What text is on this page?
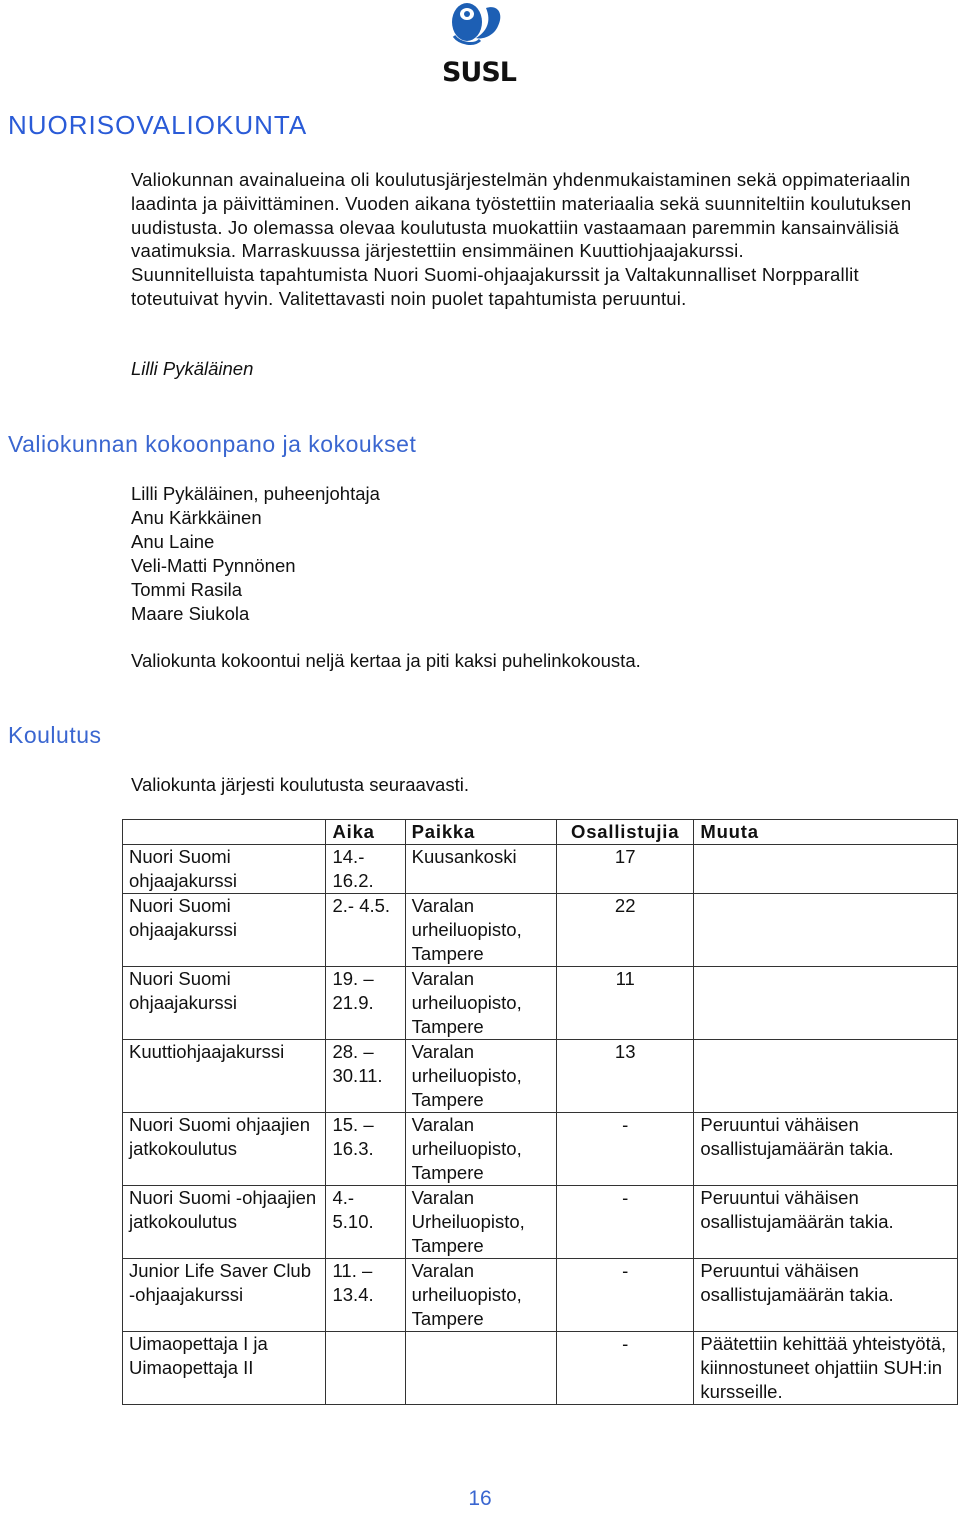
SUSL
NUORISOVALIOKUNTA

Valiokunnan avainalueina oli koulutusjärjestelmän yhdenmukaistaminen sekä oppimateriaalin laadinta ja päivittäminen. Vuoden aikana työstettiin materiaalia sekä suunniteltiin koulutuksen uudistusta. Jo olemassa olevaa koulutusta muokattiin vastaamaan paremmin kansainvälisiä vaatimuksia. Marraskuussa järjestettiin ensimmäinen Kuuttiohjaajakurssi.

Suunnitelluista tapahtumista Nuori Suomi-ohjaajakurssit ja Valtakunnalliset Norpparallit toteutuivat hyvin. Valitettavasti noin puolet tapahtumista peruuntui.

Lilli Pykäläinen
Valiokunnan kokoonpano ja kokoukset
Lilli Pykäläinen, puheenjohtaja
Anu Kärkkäinen
Anu Laine
Veli-Matti Pynnönen
Tommi Rasila
Maare Siukola
Valiokunta kokoontui neljä kertaa ja piti kaksi puhelinkokousta.
Koulutus
Valiokunta järjesti koulutusta seuraavasti.
	Aika	Paikka	Osallistujia	Muuta
Nuori Suomi ohjaajakurssi	14.- 16.2.	Kuusankoski	17	
Nuori Suomi ohjaajakurssi	2.- 4.5.	Varalan urheiluopisto, Tampere	22	
Nuori Suomi ohjaajakurssi	19. – 21.9.	Varalan urheiluopisto, Tampere	11	
Kuuttiohjaajakurssi	28. – 30.11.	Varalan urheiluopisto, Tampere	13	
Nuori Suomi ohjaajien jatkokoulutus	15. – 16.3.	Varalan urheiluopisto, Tampere	-	Peruuntui vähäisen osallistujamäärän takia.
Nuori Suomi -ohjaajien jatkokoulutus	4.- 5.10.	Varalan Urheiluopisto, Tampere	-	Peruuntui vähäisen osallistujamäärän takia.
Junior Life Saver Club -ohjaajakurssi	11. – 13.4.	Varalan urheiluopisto, Tampere	-	Peruuntui vähäisen osallistujamäärän takia.
Uimaopettaja I ja Uimaopettaja II			-	Päätettiin kehittää yhteistyötä, kiinnostuneet ohjattiin SUH:in kursseille.
16
